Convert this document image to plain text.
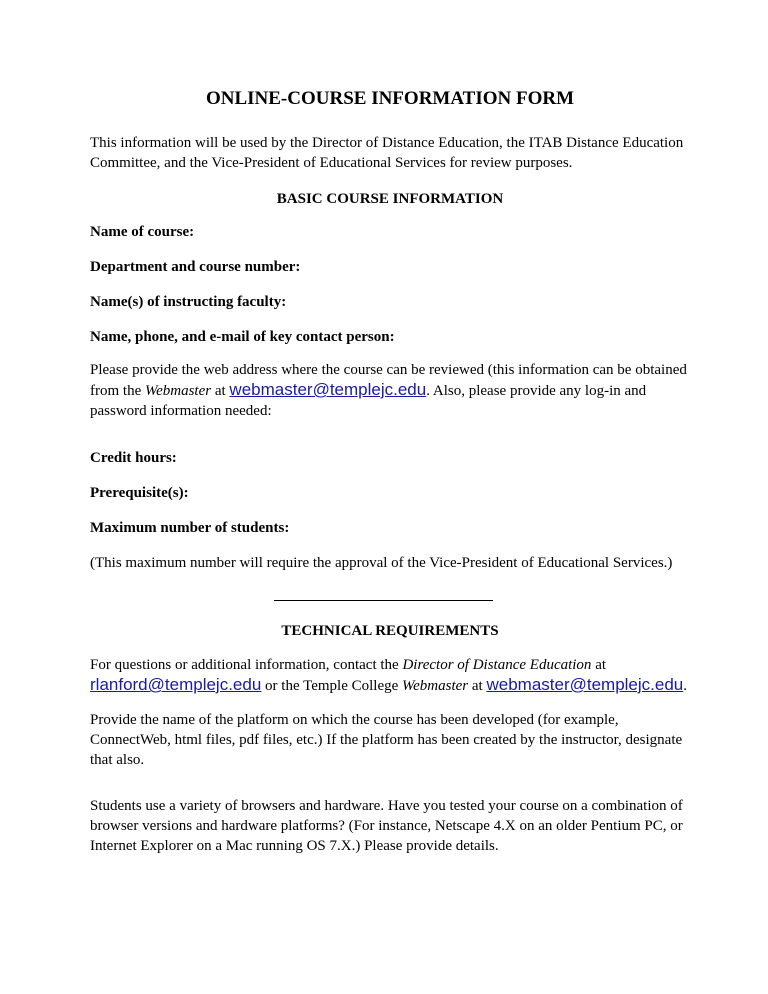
ONLINE-COURSE INFORMATION FORM

This information will be used by the Director of Distance Education, the ITAB Distance Education Committee, and the Vice-President of Educational Services for review purposes.

BASIC COURSE INFORMATION

Name of course:

Department and course number:

Name(s) of instructing faculty:

Name, phone, and e-mail of key contact person:

Please provide the web address where the course can be reviewed (this information can be obtained from the Webmaster at webmaster@templejc.edu. Also, please provide any log-in and password information needed:

Credit hours:

Prerequisite(s):

Maximum number of students:

(This maximum number will require the approval of the Vice-President of Educational Services.)

TECHNICAL REQUIREMENTS

For questions or additional information, contact the Director of Distance Education at
rlanford@templejc.edu or the Temple College Webmaster at webmaster@templejc.edu.

Provide the name of the platform on which the course has been developed (for example, ConnectWeb, html files, pdf files, etc.) If the platform has been created by the instructor, designate that also.

Students use a variety of browsers and hardware. Have you tested your course on a combination of browser versions and hardware platforms? (For instance, Netscape 4.X on an older Pentium PC, or Internet Explorer on a Mac running OS 7.X.) Please provide details.
